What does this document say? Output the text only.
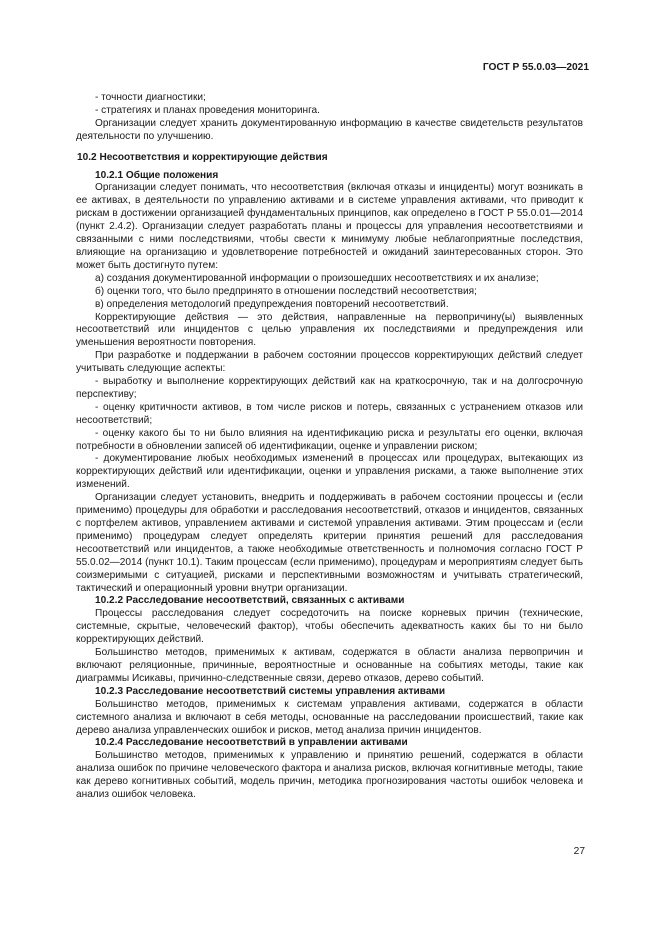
ГОСТ Р 55.0.03—2021

- точности диагностики;

- стратегиях и планах проведения мониторинга.

Организации следует хранить документированную информацию в качестве свидетельств результатов деятельности по улучшению.

10.2 Несоответствия и корректирующие действия

10.2.1 Общие положения

Организации следует понимать, что несоответствия (включая отказы и инциденты) могут возникать в ее активах, в деятельности по управлению активами и в системе управления активами, что приводит к рискам в достижении организацией фундаментальных принципов, как определено в ГОСТ Р 55.0.01—2014 (пункт 2.4.2). Организации следует разработать планы и процессы для управления несоответствиями и связанными с ними последствиями, чтобы свести к минимуму любые неблагоприятные последствия, влияющие на организацию и удовлетворение потребностей и ожиданий заинтересованных сторон. Это может быть достигнуто путем:

а) создания документированной информации о произошедших несоответствиях и их анализе;

б) оценки того, что было предпринято в отношении последствий несоответствия;

в) определения методологий предупреждения повторений несоответствий.

Корректирующие действия — это действия, направленные на первопричину(ы) выявленных несоответствий или инцидентов с целью управления их последствиями и предупреждения или уменьшения вероятности повторения.

При разработке и поддержании в рабочем состоянии процессов корректирующих действий следует учитывать следующие аспекты:

- выработку и выполнение корректирующих действий как на краткосрочную, так и на долгосрочную перспективу;

- оценку критичности активов, в том числе рисков и потерь, связанных с устранением отказов или несоответствий;

- оценку какого бы то ни было влияния на идентификацию риска и результаты его оценки, включая потребности в обновлении записей об идентификации, оценке и управлении риском;

- документирование любых необходимых изменений в процессах или процедурах, вытекающих из корректирующих действий или идентификации, оценки и управления рисками, а также выполнение этих изменений.

Организации следует установить, внедрить и поддерживать в рабочем состоянии процессы и (если применимо) процедуры для обработки и расследования несоответствий, отказов и инцидентов, связанных с портфелем активов, управлением активами и системой управления активами. Этим процессам и (если применимо) процедурам следует определять критерии принятия решений для расследования несоответствий или инцидентов, а также необходимые ответственность и полномочия согласно ГОСТ Р 55.0.02—2014 (пункт 10.1). Таким процессам (если применимо), процедурам и мероприятиям следует быть соизмеримыми с ситуацией, рисками и перспективными возможностям и учитывать стратегический, тактический и операционный уровни внутри организации.

10.2.2 Расследование несоответствий, связанных с активами

Процессы расследования следует сосредоточить на поиске корневых причин (технические, системные, скрытые, человеческий фактор), чтобы обеспечить адекватность каких бы то ни было корректирующих действий.

Большинство методов, применимых к активам, содержатся в области анализа первопричин и включают реляционные, причинные, вероятностные и основанные на событиях методы, такие как диаграммы Исикавы, причинно-следственные связи, дерево отказов, дерево событий.

10.2.3 Расследование несоответствий системы управления активами

Большинство методов, применимых к системам управления активами, содержатся в области системного анализа и включают в себя методы, основанные на расследовании происшествий, такие как дерево анализа управленческих ошибок и рисков, метод анализа причин инцидентов.

10.2.4 Расследование несоответствий в управлении активами

Большинство методов, применимых к управлению и принятию решений, содержатся в области анализа ошибок по причине человеческого фактора и анализа рисков, включая когнитивные методы, такие как дерево когнитивных событий, модель причин, методика прогнозирования частоты ошибок человека и анализ ошибок человека.

27
